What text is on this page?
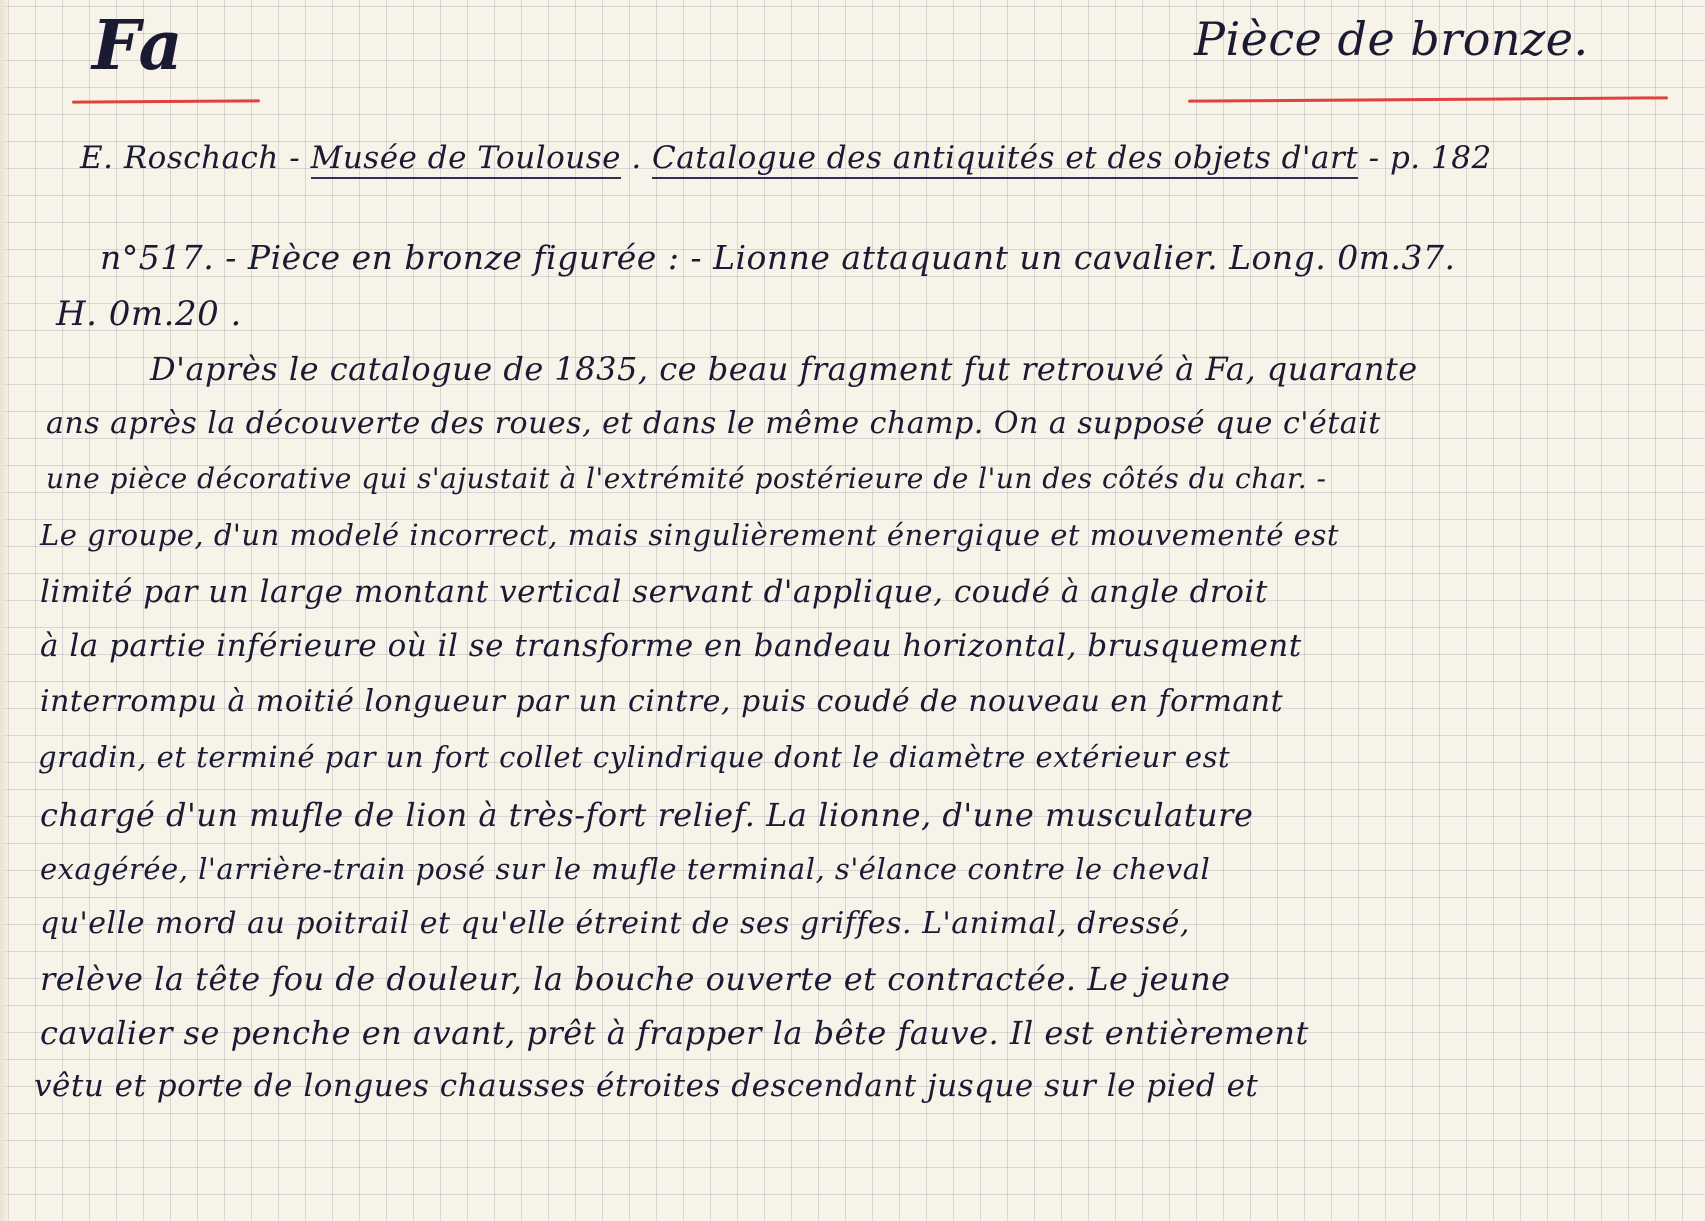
Fa	Pièce de bronze.
E. Roschach - Musée de Toulouse . Catalogue des antiquités et des objets d'art - p. 182
n°517. - Pièce en bronze figurée : - Lionne attaquant un cavalier. Long. 0m.37.
H. 0m.20 .
D'après le catalogue de 1835, ce beau fragment fut retrouvé à Fa, quarante
ans après la découverte des roues, et dans le même champ. On a supposé que c'était
une pièce décorative qui s'ajustait à l'extrémité postérieure de l'un des côtés du char. -
Le groupe, d'un modelé incorrect, mais singulièrement énergique et mouvementé est
limité par un large montant vertical servant d'applique, coudé à angle droit
à la partie inférieure où il se transforme en bandeau horizontal, brusquement
interrompu à moitié longueur par un cintre, puis coudé de nouveau en formant
gradin, et terminé par un fort collet cylindrique dont le diamètre extérieur est
chargé d'un mufle de lion à très-fort relief. La lionne, d'une musculature
exagérée, l'arrière-train posé sur le mufle terminal, s'élance contre le cheval
qu'elle mord au poitrail et qu'elle étreint de ses griffes. L'animal, dressé,
relève la tête fou de douleur, la bouche ouverte et contractée. Le jeune
cavalier se penche en avant, prêt à frapper la bête fauve. Il est entièrement
vêtu et porte de longues chausses étroites descendant jusque sur le pied et
